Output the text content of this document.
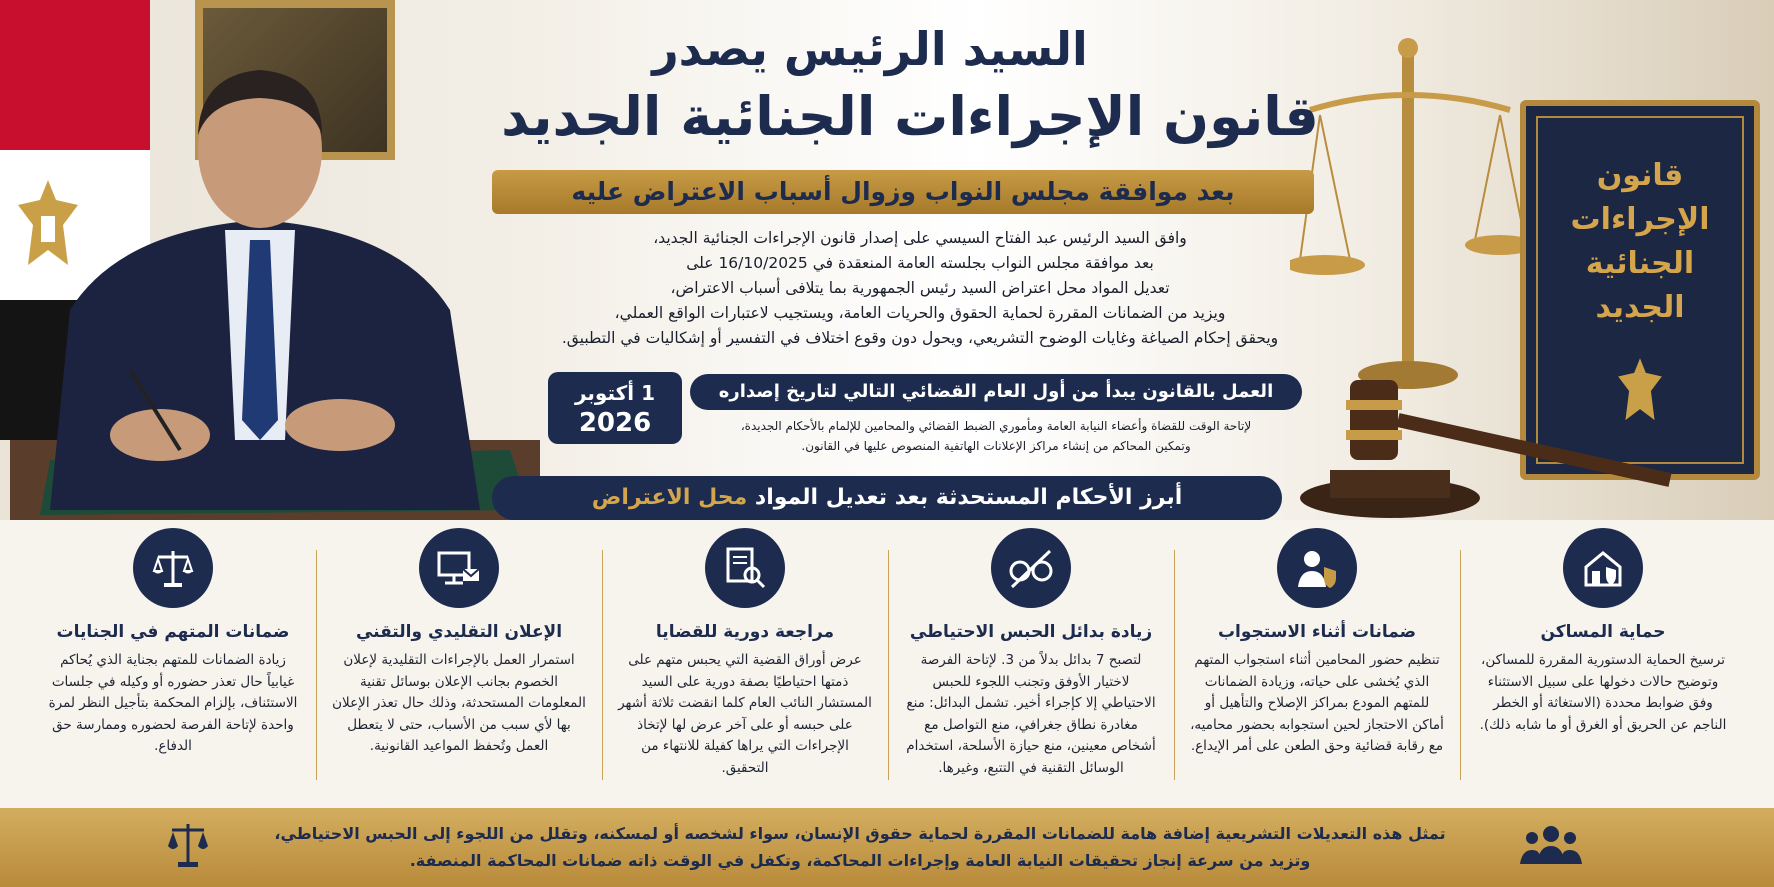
قانون
الإجراءات
الجنائية
الجديد
السيد الرئيس يصدر
قانون الإجراءات الجنائية الجديد
بعد موافقة مجلس النواب وزوال أسباب الاعتراض عليه
وافق السيد الرئيس عبد الفتاح السيسي على إصدار قانون الإجراءات الجنائية الجديد،
بعد موافقة مجلس النواب بجلسته العامة المنعقدة في 16/10/2025 على
تعديل المواد محل اعتراض السيد رئيس الجمهورية بما يتلافى أسباب الاعتراض،
ويزيد من الضمانات المقررة لحماية الحقوق والحريات العامة، ويستجيب لاعتبارات الواقع العملي،
ويحقق إحكام الصياغة وغايات الوضوح التشريعي، ويحول دون وقوع اختلاف في التفسير أو إشكاليات في التطبيق.
1 أكتوبر
2026
العمل بالقانون يبدأ من أول العام القضائي التالي لتاريخ إصداره
لإتاحة الوقت للقضاة وأعضاء النيابة العامة ومأموري الضبط القضائي والمحامين للإلمام بالأحكام الجديدة،
وتمكين المحاكم من إنشاء مراكز الإعلانات الهاتفية المنصوص عليها في القانون.
أبرز الأحكام المستحدثة بعد تعديل المواد محل الاعتراض
حماية المساكن

ترسيخ الحماية الدستورية المقررة للمساكن، وتوضيح حالات دخولها على سبيل الاستثناء وفق ضوابط محددة (الاستغاثة أو الخطر الناجم عن الحريق أو الغرق أو ما شابه ذلك).

ضمانات أثناء الاستجواب

تنظيم حضور المحامين أثناء استجواب المتهم الذي يُخشى على حياته، وزيادة الضمانات للمتهم المودع بمراكز الإصلاح والتأهيل أو أماكن الاحتجاز لحين استجوابه بحضور محاميه، مع رقابة قضائية وحق الطعن على أمر الإيداع.

زيادة بدائل الحبس الاحتياطي

لتصبح 7 بدائل بدلاً من 3. لإتاحة الفرصة لاختيار الأوفق وتجنب اللجوء للحبس الاحتياطي إلا كإجراء أخير. تشمل البدائل: منع مغادرة نطاق جغرافي، منع التواصل مع أشخاص معينين، منع حيازة الأسلحة، استخدام الوسائل التقنية في التتبع، وغيرها.

مراجعة دورية للقضايا

عرض أوراق القضية التي يحبس متهم على ذمتها احتياطيًا بصفة دورية على السيد المستشار النائب العام كلما انقضت ثلاثة أشهر على حبسه أو على آخر عرض لها لإتخاذ الإجراءات التي يراها كفيلة للانتهاء من التحقيق.

الإعلان التقليدي والتقني

استمرار العمل بالإجراءات التقليدية لإعلان الخصوم بجانب الإعلان بوسائل تقنية المعلومات المستحدثة، وذلك حال تعذر الإعلان بها لأي سبب من الأسباب، حتى لا يتعطل العمل وتُحفظ المواعيد القانونية.

ضمانات المتهم في الجنايات

زيادة الضمانات للمتهم بجناية الذي يُحاكم غيابياً حال تعذر حضوره أو وكيله في جلسات الاستئناف، بإلزام المحكمة بتأجيل النظر لمرة واحدة لإتاحة الفرصة لحضوره وممارسة حق الدفاع.

تمثل هذه التعديلات التشريعية إضافة هامة للضمانات المقررة لحماية حقوق الإنسان، سواء لشخصه أو لمسكنه، وتقلل من اللجوء إلى الحبس الاحتياطي،
وتزيد من سرعة إنجاز تحقيقات النيابة العامة وإجراءات المحاكمة، وتكفل في الوقت ذاته ضمانات المحاكمة المنصفة.
